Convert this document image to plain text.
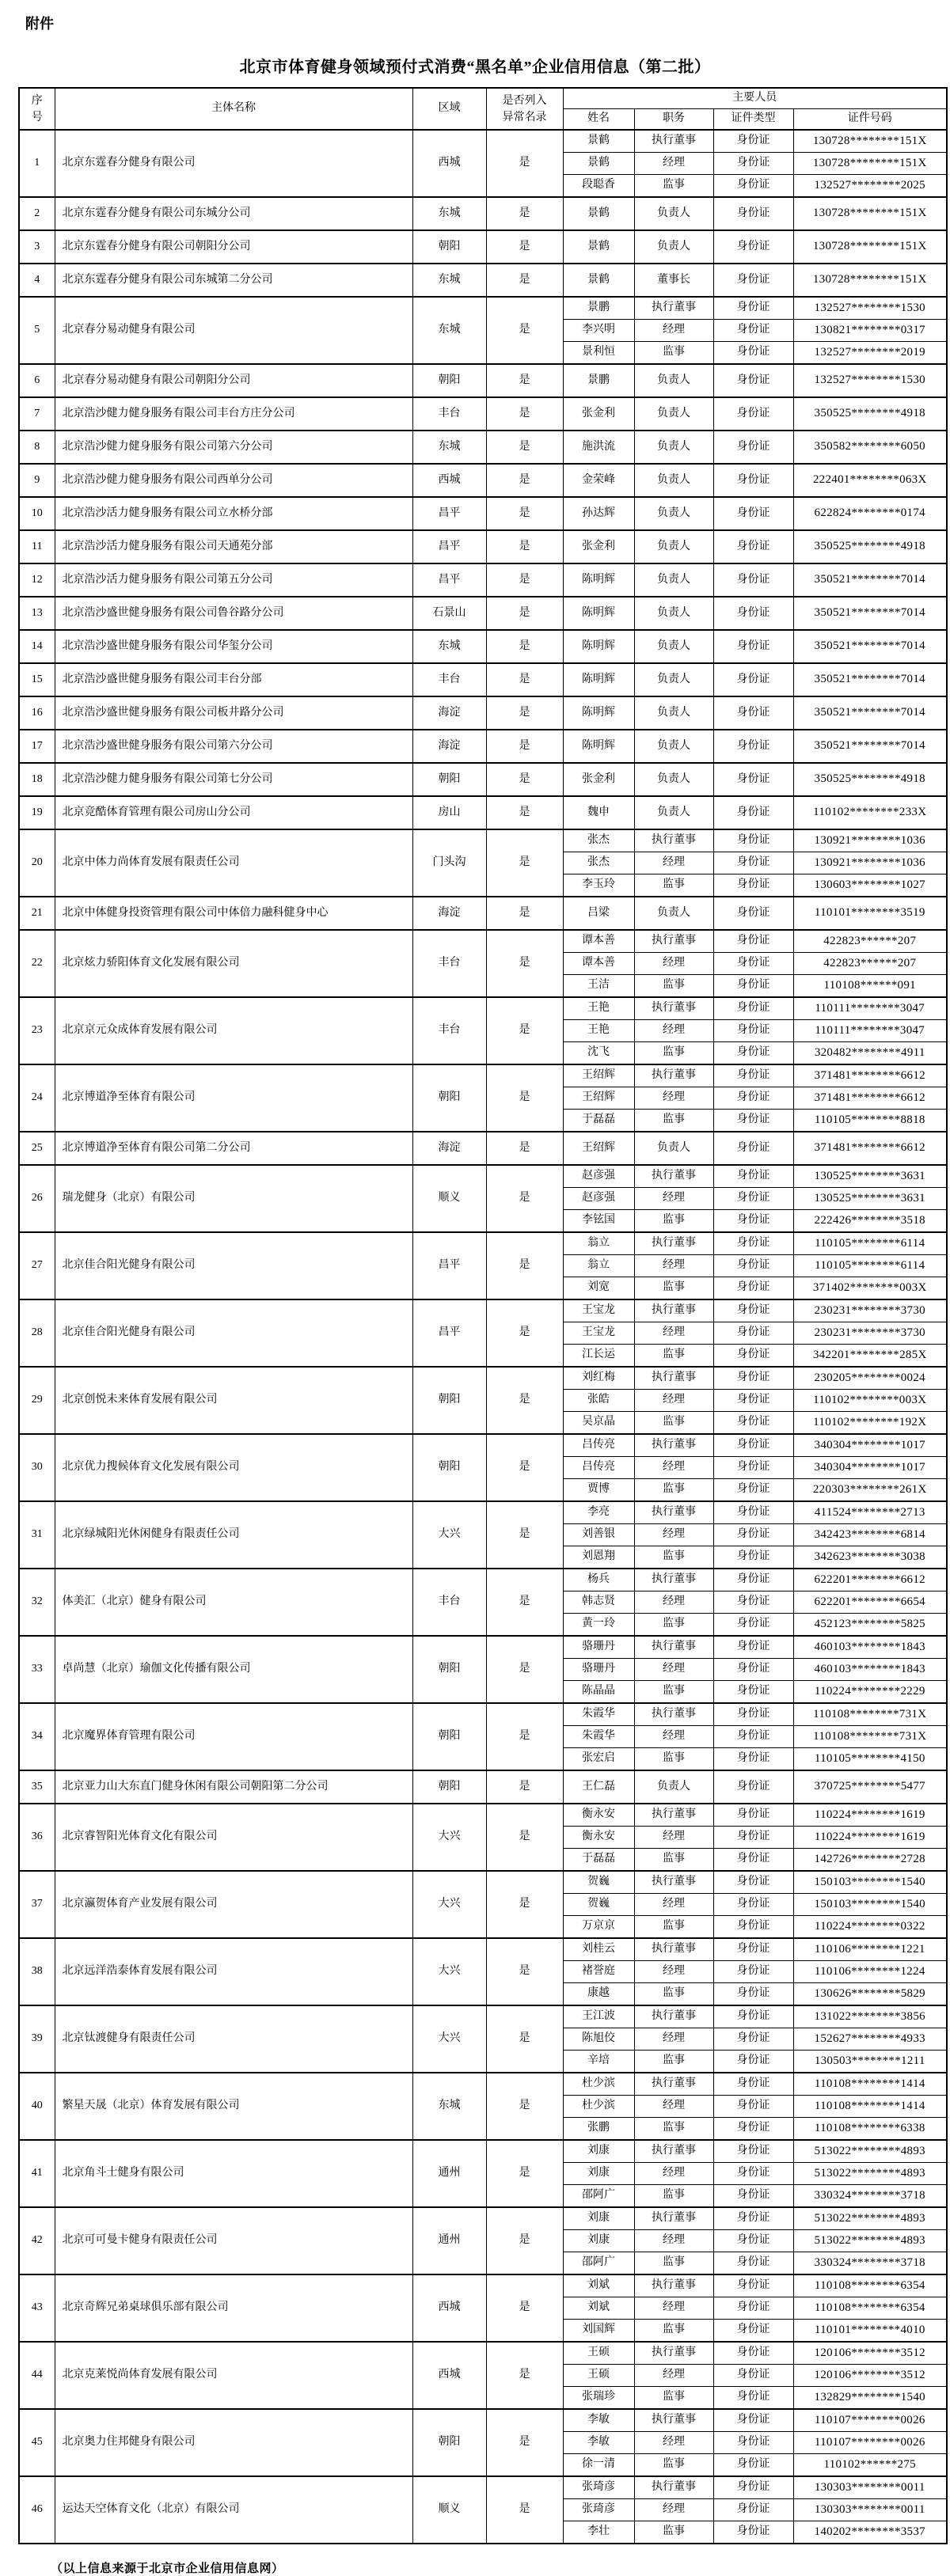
附件
北京市体育健身领域预付式消费“黑名单”企业信用信息（第二批）
序号	主体名称	区域	是否列入异常名录	主要人员			
				姓名	职务	证件类型	证件号码
1	北京东霆春分健身有限公司	西城	是	景鹤	执行董事	身份证	130728********151X
				景鹤	经理	身份证	130728********151X
				段聪香	监事	身份证	132527********2025
2	北京东霆春分健身有限公司东城分公司	东城	是	景鹤	负责人	身份证	130728********151X
3	北京东霆春分健身有限公司朝阳分公司	朝阳	是	景鹤	负责人	身份证	130728********151X
4	北京东霆春分健身有限公司东城第二分公司	东城	是	景鹤	董事长	身份证	130728********151X
5	北京春分易动健身有限公司	东城	是	景鹏	执行董事	身份证	132527********1530
				李兴明	经理	身份证	130821********0317
				景利恒	监事	身份证	132527********2019
6	北京春分易动健身有限公司朝阳分公司	朝阳	是	景鹏	负责人	身份证	132527********1530
7	北京浩沙健力健身服务有限公司丰台方庄分公司	丰台	是	张金利	负责人	身份证	350525********4918
8	北京浩沙健力健身服务有限公司第六分公司	东城	是	施洪流	负责人	身份证	350582********6050
9	北京浩沙健力健身服务有限公司西单分公司	西城	是	金荣峰	负责人	身份证	222401********063X
10	北京浩沙活力健身服务有限公司立水桥分部	昌平	是	孙达辉	负责人	身份证	622824********0174
11	北京浩沙活力健身服务有限公司天通苑分部	昌平	是	张金利	负责人	身份证	350525********4918
12	北京浩沙活力健身服务有限公司第五分公司	昌平	是	陈明辉	负责人	身份证	350521********7014
13	北京浩沙盛世健身服务有限公司鲁谷路分公司	石景山	是	陈明辉	负责人	身份证	350521********7014
14	北京浩沙盛世健身服务有限公司华玺分公司	东城	是	陈明辉	负责人	身份证	350521********7014
15	北京浩沙盛世健身服务有限公司丰台分部	丰台	是	陈明辉	负责人	身份证	350521********7014
16	北京浩沙盛世健身服务有限公司板井路分公司	海淀	是	陈明辉	负责人	身份证	350521********7014
17	北京浩沙盛世健身服务有限公司第六分公司	海淀	是	陈明辉	负责人	身份证	350521********7014
18	北京浩沙健力健身服务有限公司第七分公司	朝阳	是	张金利	负责人	身份证	350525********4918
19	北京竞酷体育管理有限公司房山分公司	房山	是	魏申	负责人	身份证	110102********233X
20	北京中体力尚体育发展有限责任公司	门头沟	是	张杰	执行董事	身份证	130921********1036
				张杰	经理	身份证	130921********1036
				李玉玲	监事	身份证	130603********1027
21	北京中体健身投资管理有限公司中体倍力融科健身中心	海淀	是	吕梁	负责人	身份证	110101********3519
22	北京炫力骄阳体育文化发展有限公司	丰台	是	谭本善	执行董事	身份证	422823******207
				谭本善	经理	身份证	422823******207
				王洁	监事	身份证	110108******091
23	北京京元众成体育发展有限公司	丰台	是	王艳	执行董事	身份证	110111********3047
				王艳	经理	身份证	110111********3047
				沈飞	监事	身份证	320482********4911
24	北京博道净至体育有限公司	朝阳	是	王绍辉	执行董事	身份证	371481********6612
				王绍辉	经理	身份证	371481********6612
				于磊磊	监事	身份证	110105********8818
25	北京博道净至体育有限公司第二分公司	海淀	是	王绍辉	负责人	身份证	371481********6612
26	瑞龙健身（北京）有限公司	顺义	是	赵彦强	执行董事	身份证	130525********3631
				赵彦强	经理	身份证	130525********3631
				李铉国	监事	身份证	222426********3518
27	北京佳合阳光健身有限公司	昌平	是	翁立	执行董事	身份证	110105********6114
				翁立	经理	身份证	110105********6114
				刘宽	监事	身份证	371402********003X
28	北京佳合阳光健身有限公司	昌平	是	王宝龙	执行董事	身份证	230231********3730
				王宝龙	经理	身份证	230231********3730
				江长运	监事	身份证	342201********285X
29	北京创悦未来体育发展有限公司	朝阳	是	刘红梅	执行董事	身份证	230205********0024
				张皓	经理	身份证	110102********003X
				吴京晶	监事	身份证	110102********192X
30	北京优力搜候体育文化发展有限公司	朝阳	是	吕传亮	执行董事	身份证	340304********1017
				吕传亮	经理	身份证	340304********1017
				贾博	监事	身份证	220303********261X
31	北京绿城阳光休闲健身有限责任公司	大兴	是	李亮	执行董事	身份证	411524********2713
				刘善银	经理	身份证	342423********6814
				刘恩翔	监事	身份证	342623********3038
32	体美汇（北京）健身有限公司	丰台	是	杨兵	执行董事	身份证	622201********6612
				韩志贤	经理	身份证	622201********6654
				黄一玲	监事	身份证	452123********5825
33	卓尚慧（北京）瑜伽文化传播有限公司	朝阳	是	骆珊丹	执行董事	身份证	460103********1843
				骆珊丹	经理	身份证	460103********1843
				陈晶晶	监事	身份证	110224********2229
34	北京魔界体育管理有限公司	朝阳	是	朱霞华	执行董事	身份证	110108********731X
				朱霞华	经理	身份证	110108********731X
				张宏启	监事	身份证	110105********4150
35	北京亚力山大东直门健身休闲有限公司朝阳第二分公司	朝阳	是	王仁磊	负责人	身份证	370725********5477
36	北京睿智阳光体育文化有限公司	大兴	是	衡永安	执行董事	身份证	110224********1619
				衡永安	经理	身份证	110224********1619
				于磊磊	监事	身份证	142726********2728
37	北京瀛贺体育产业发展有限公司	大兴	是	贺巍	执行董事	身份证	150103********1540
				贺巍	经理	身份证	150103********1540
				万京京	监事	身份证	110224********0322
38	北京远洋浩泰体育发展有限公司	大兴	是	刘桂云	执行董事	身份证	110106********1221
				褚誉庭	经理	身份证	110106********1224
				康越	监事	身份证	130626********5829
39	北京钛渡健身有限责任公司	大兴	是	王江波	执行董事	身份证	131022********3856
				陈旭佼	经理	身份证	152627********4933
				辛培	监事	身份证	130503********1211
40	繁星天晟（北京）体育发展有限公司	东城	是	杜少滨	执行董事	身份证	110108********1414
				杜少滨	经理	身份证	110108********1414
				张鹏	监事	身份证	110108********6338
41	北京角斗士健身有限公司	通州	是	刘康	执行董事	身份证	513022********4893
				刘康	经理	身份证	513022********4893
				邵阿广	监事	身份证	330324********3718
42	北京可可曼卡健身有限责任公司	通州	是	刘康	执行董事	身份证	513022********4893
				刘康	经理	身份证	513022********4893
				邵阿广	监事	身份证	330324********3718
43	北京奇辉兄弟桌球俱乐部有限公司	西城	是	刘斌	执行董事	身份证	110108********6354
				刘斌	经理	身份证	110108********6354
				刘国辉	监事	身份证	110101********4010
44	北京克莱悦尚体育发展有限公司	西城	是	王硕	执行董事	身份证	120106********3512
				王硕	经理	身份证	120106********3512
				张瑞珍	监事	身份证	132829********1540
45	北京奥力住邦健身有限公司	朝阳	是	李敏	执行董事	身份证	110107********0026
				李敏	经理	身份证	110107********0026
				徐一清	监事	身份证	110102******275
46	运达天空体育文化（北京）有限公司	顺义	是	张琦彦	执行董事	身份证	130303********0011
				张琦彦	经理	身份证	130303********0011
				李壮	监事	身份证	140202********3537
（以上信息来源于北京市企业信用信息网）
